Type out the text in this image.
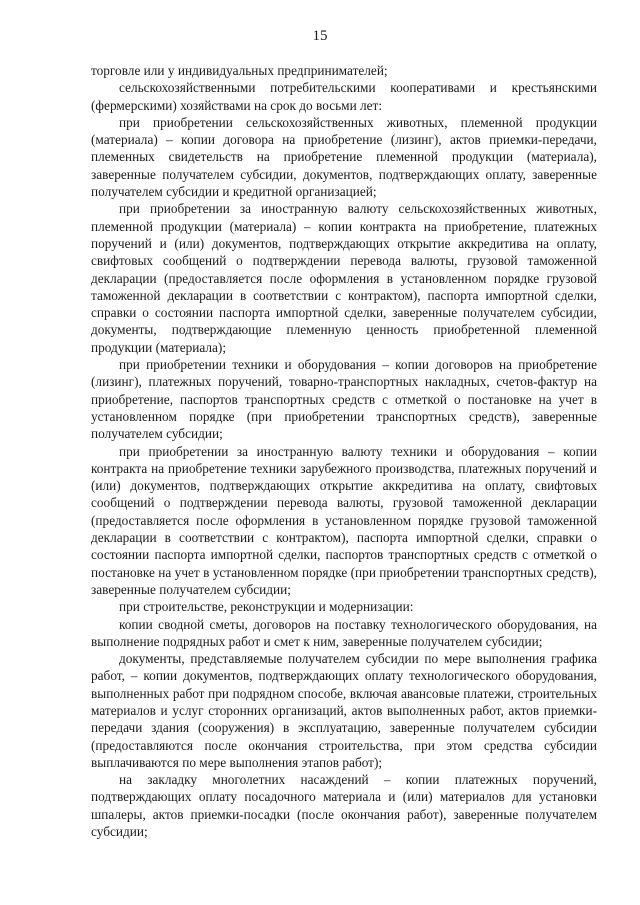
15

торговле или у индивидуальных предпринимателей;

сельскохозяйственными потребительскими кооперативами и крестьянскими (фермерскими) хозяйствами на срок до восьми лет:

при приобретении сельскохозяйственных животных, племенной продукции (материала) – копии договора на приобретение (лизинг), актов приемки-передачи, племенных свидетельств на приобретение племенной продукции (материала), заверенные получателем субсидии, документов, подтверждающих оплату, заверенные получателем субсидии и кредитной организацией;

при приобретении за иностранную валюту сельскохозяйственных животных, племенной продукции (материала) – копии контракта на приобретение, платежных поручений и (или) документов, подтверждающих открытие аккредитива на оплату, свифтовых сообщений о подтверждении перевода валюты, грузовой таможенной декларации (предоставляется после оформления в установленном порядке грузовой таможенной декларации в соответствии с контрактом), паспорта импортной сделки, справки о состоянии паспорта импортной сделки, заверенные получателем субсидии, документы, подтверждающие племенную ценность приобретенной племенной продукции (материала);

при приобретении техники и оборудования – копии договоров на приобретение (лизинг), платежных поручений, товарно-транспортных накладных, счетов-фактур на приобретение, паспортов транспортных средств с отметкой о постановке на учет в установленном порядке (при приобретении транспортных средств), заверенные получателем субсидии;

при приобретении за иностранную валюту техники и оборудования – копии контракта на приобретение техники зарубежного производства, платежных поручений и (или) документов, подтверждающих открытие аккредитива на оплату, свифтовых сообщений о подтверждении перевода валюты, грузовой таможенной декларации (предоставляется после оформления в установленном порядке грузовой таможенной декларации в соответствии с контрактом), паспорта импортной сделки, справки о состоянии паспорта импортной сделки, паспортов транспортных средств с отметкой о постановке на учет в установленном порядке (при приобретении транспортных средств), заверенные получателем субсидии;

при строительстве, реконструкции и модернизации:

копии сводной сметы, договоров на поставку технологического оборудования, на выполнение подрядных работ и смет к ним, заверенные получателем субсидии;

документы, представляемые получателем субсидии по мере выполнения графика работ, – копии документов, подтверждающих оплату технологического оборудования, выполненных работ при подрядном способе, включая авансовые платежи, строительных материалов и услуг сторонних организаций, актов выполненных работ, актов приемки-передачи здания (сооружения) в эксплуатацию, заверенные получателем субсидии (предоставляются после окончания строительства, при этом средства субсидии выплачиваются по мере выполнения этапов работ);

на закладку многолетних насаждений – копии платежных поручений, подтверждающих оплату посадочного материала и (или) материалов для установки шпалеры, актов приемки-посадки (после окончания работ), заверенные получателем субсидии;
